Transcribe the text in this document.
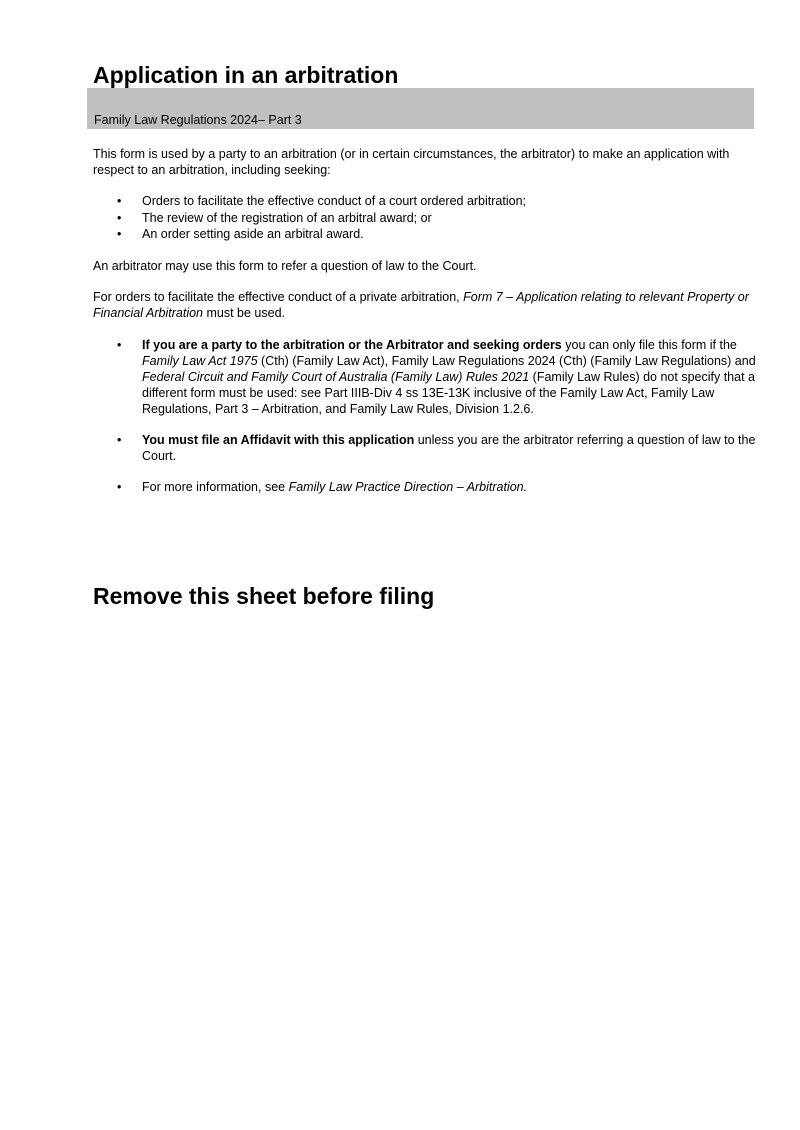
Application in an arbitration
Family Law Regulations 2024– Part 3

This form is used by a party to an arbitration (or in certain circumstances, the arbitrator) to make an application with respect to an arbitration, including seeking:

• Orders to facilitate the effective conduct of a court ordered arbitration;
• The review of the registration of an arbitral award; or
• An order setting aside an arbitral award.

An arbitrator may use this form to refer a question of law to the Court.

For orders to facilitate the effective conduct of a private arbitration, Form 7 – Application relating to relevant Property or Financial Arbitration must be used.

• If you are a party to the arbitration or the Arbitrator and seeking orders you can only file this form if the Family Law Act 1975 (Cth) (Family Law Act), Family Law Regulations 2024 (Cth) (Family Law Regulations) and Federal Circuit and Family Court of Australia (Family Law) Rules 2021 (Family Law Rules) do not specify that a different form must be used: see Part IIIB-Div 4 ss 13E-13K inclusive of the Family Law Act, Family Law Regulations, Part 3 – Arbitration, and Family Law Rules, Division 1.2.6.
• You must file an Affidavit with this application unless you are the arbitrator referring a question of law to the Court.
• For more information, see Family Law Practice Direction – Arbitration.
Remove this sheet before filing
